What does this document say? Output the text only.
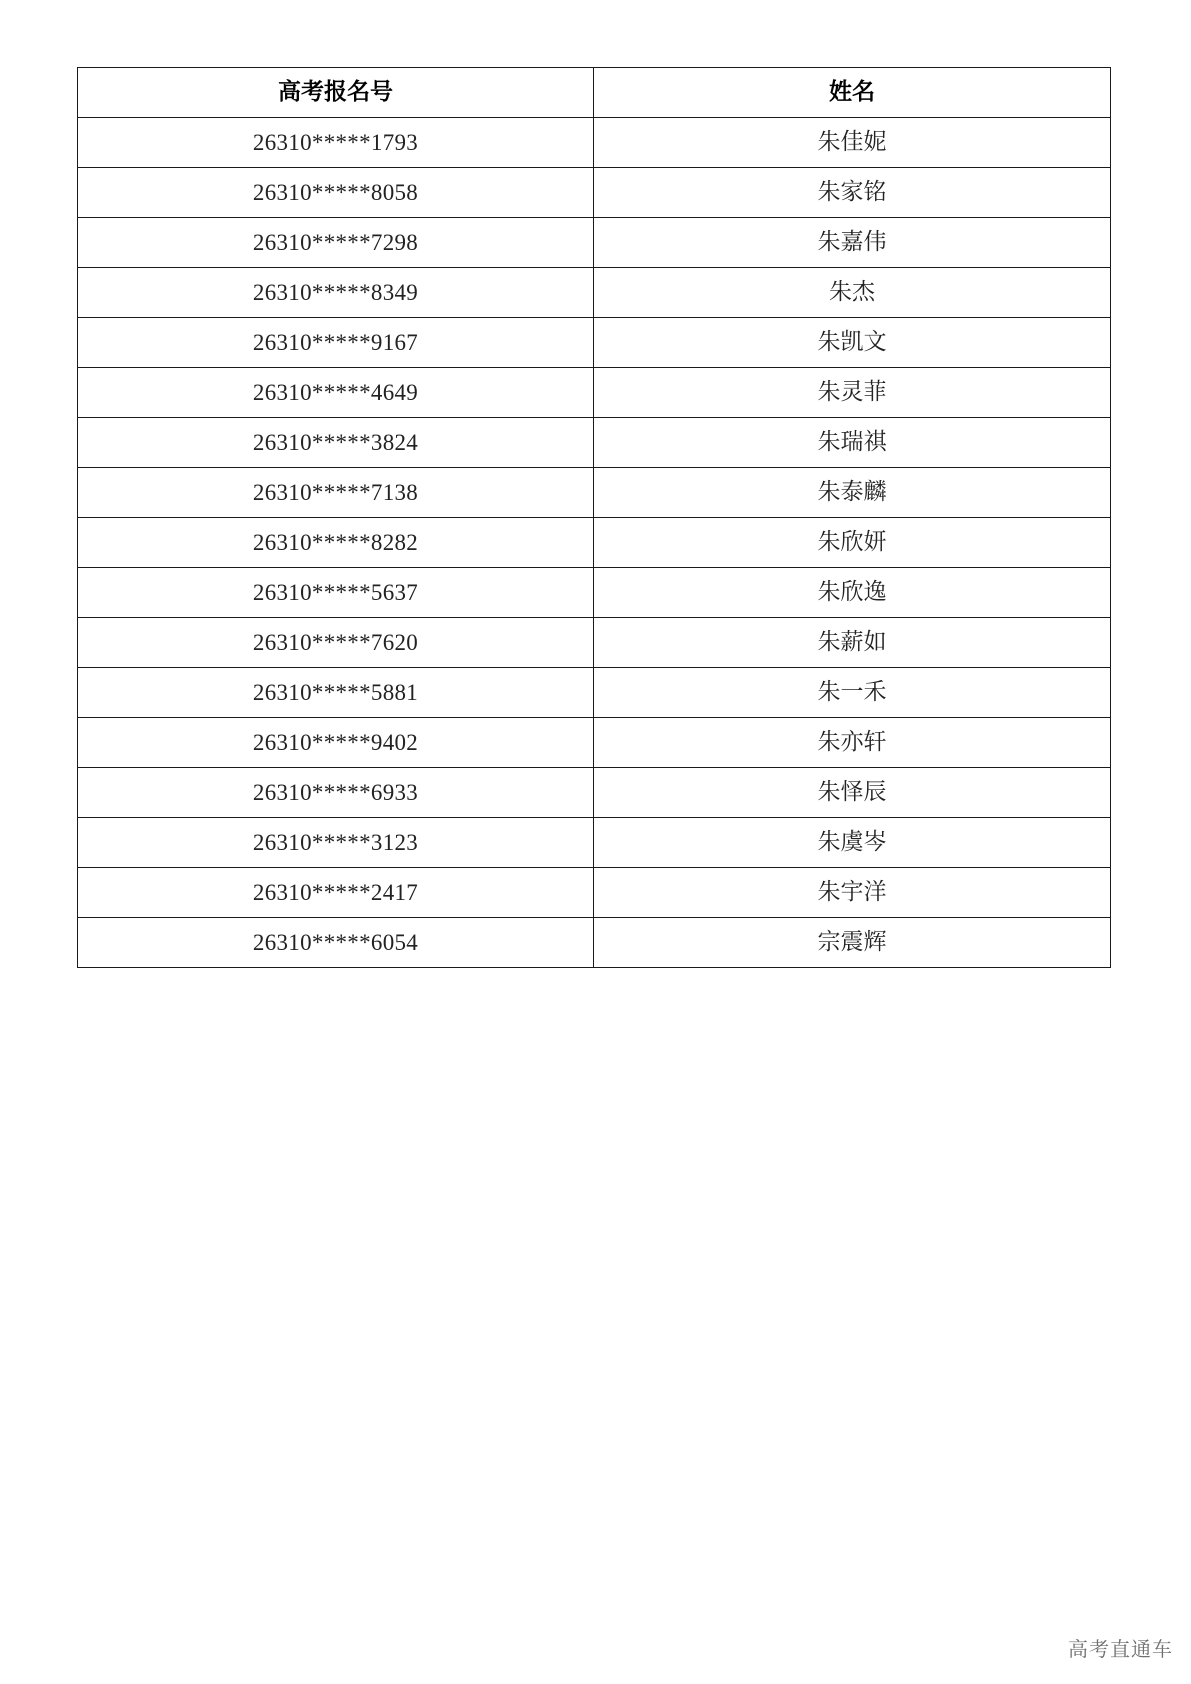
高考报名号	姓名
26310*****1793	朱佳妮
26310*****8058	朱家铭
26310*****7298	朱嘉伟
26310*****8349	朱杰
26310*****9167	朱凯文
26310*****4649	朱灵菲
26310*****3824	朱瑞祺
26310*****7138	朱泰麟
26310*****8282	朱欣妍
26310*****5637	朱欣逸
26310*****7620	朱薪如
26310*****5881	朱一禾
26310*****9402	朱亦轩
26310*****6933	朱怿辰
26310*****3123	朱虞岑
26310*****2417	朱宇洋
26310*****6054	宗震辉
高考直通车
